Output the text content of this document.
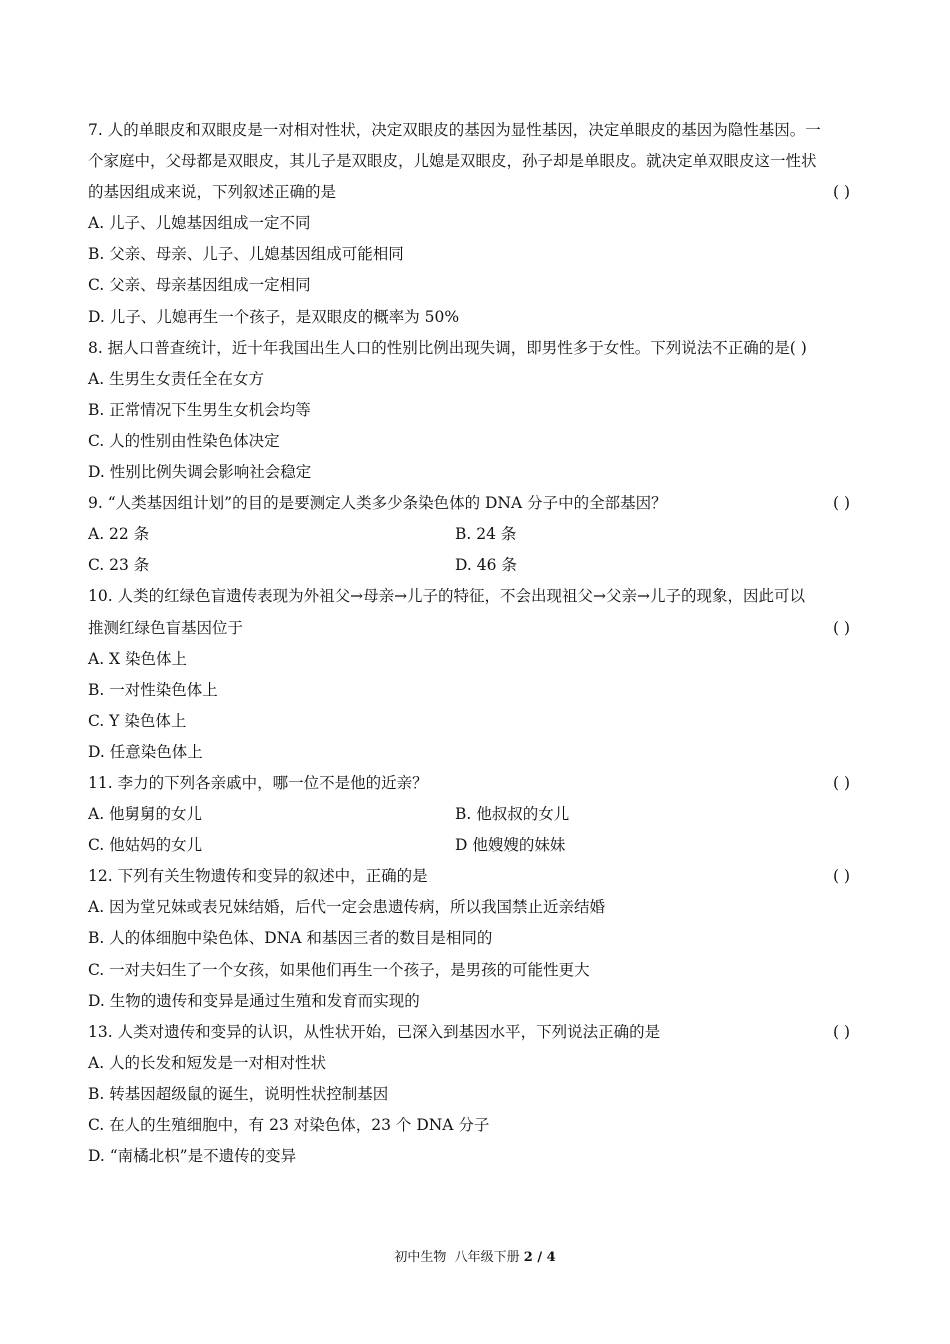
7. 人的单眼皮和双眼皮是一对相对性状，决定双眼皮的基因为显性基因，决定单眼皮的基因为隐性基因。一
个家庭中，父母都是双眼皮，其儿子是双眼皮，儿媳是双眼皮，孙子却是单眼皮。就决定单双眼皮这一性状
的基因组成来说，下列叙述正确的是	( )
A. 儿子、儿媳基因组成一定不同
B. 父亲、母亲、儿子、儿媳基因组成可能相同
C. 父亲、母亲基因组成一定相同
D. 儿子、儿媳再生一个孩子，是双眼皮的概率为 50%
8. 据人口普查统计，近十年我国出生人口的性别比例出现失调，即男性多于女性。下列说法不正确的是( )
A. 生男生女责任全在女方
B. 正常情况下生男生女机会均等
C. 人的性别由性染色体决定
D. 性别比例失调会影响社会稳定
9. “人类基因组计划”的目的是要测定人类多少条染色体的 DNA 分子中的全部基因？	( )
A. 22 条	B. 24 条
C. 23 条	D. 46 条
10. 人类的红绿色盲遗传表现为外祖父→母亲→儿子的特征，不会出现祖父→父亲→儿子的现象，因此可以
推测红绿色盲基因位于	( )
A. X 染色体上
B. 一对性染色体上
C. Y 染色体上
D. 任意染色体上
11. 李力的下列各亲戚中，哪一位不是他的近亲？	( )
A. 他舅舅的女儿	B. 他叔叔的女儿
C. 他姑妈的女儿	D 他嫂嫂的妹妹
12. 下列有关生物遗传和变异的叙述中，正确的是	( )
A. 因为堂兄妹或表兄妹结婚，后代一定会患遗传病，所以我国禁止近亲结婚
B. 人的体细胞中染色体、DNA 和基因三者的数目是相同的
C. 一对夫妇生了一个女孩，如果他们再生一个孩子，是男孩的可能性更大
D. 生物的遗传和变异是通过生殖和发育而实现的
13. 人类对遗传和变异的认识，从性状开始，已深入到基因水平，下列说法正确的是	( )
A. 人的长发和短发是一对相对性状
B. 转基因超级鼠的诞生，说明性状控制基因
C. 在人的生殖细胞中，有 23 对染色体，23 个 DNA 分子
D. “南橘北枳”是不遗传的变异
初中生物 八年级下册 2 / 4
